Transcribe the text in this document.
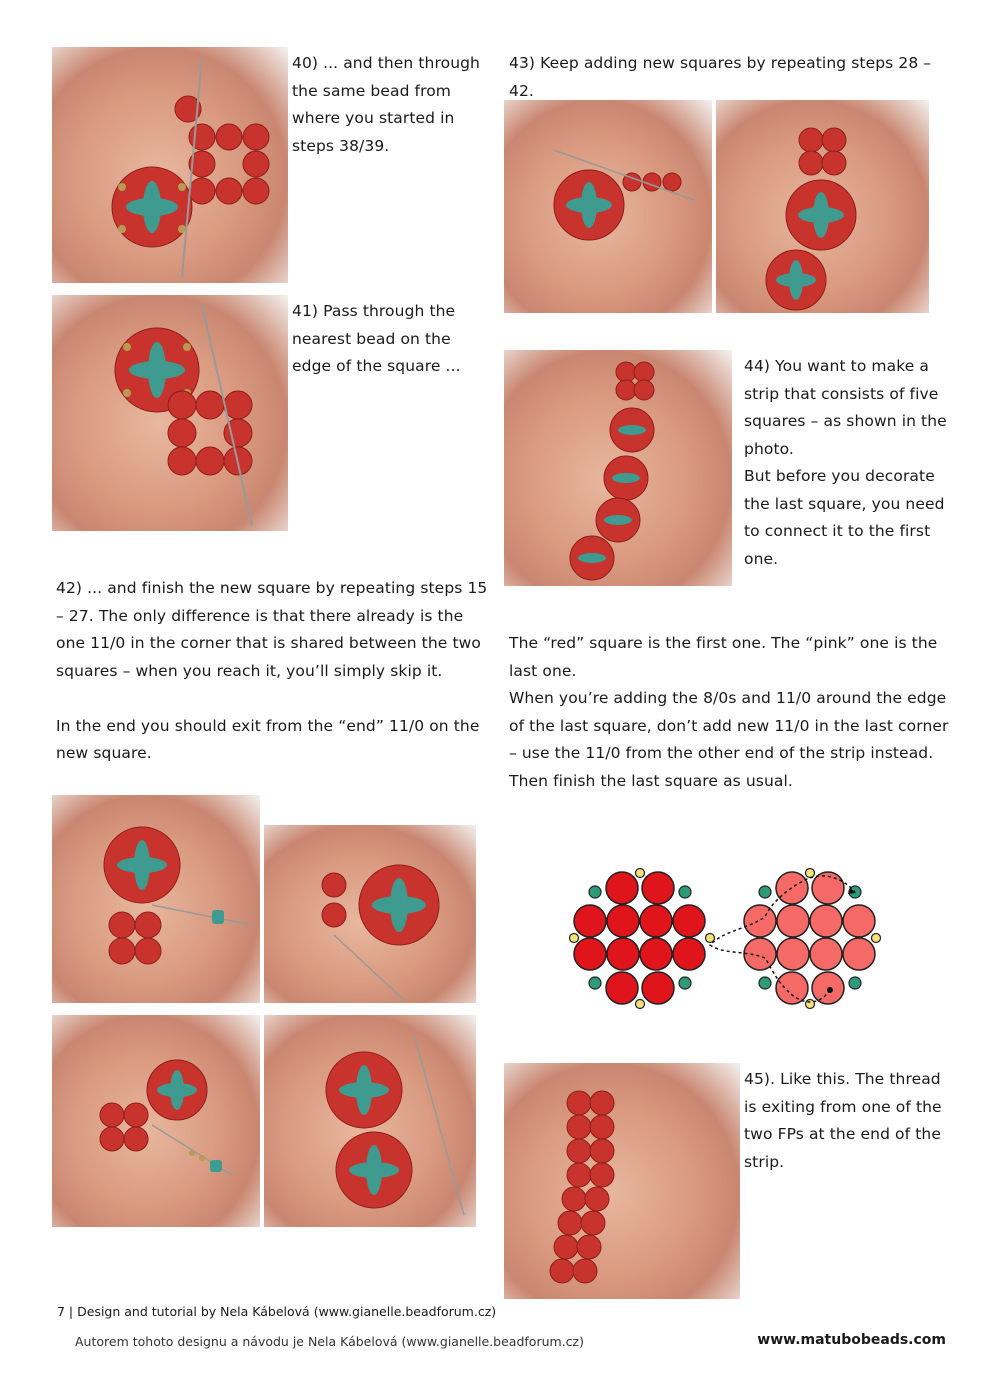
40) ... and then through the same bead from where you started in steps 38/39.
41) Pass through the nearest bead on the edge of the square ...

42) ... and finish the new square by repeating steps 15 – 27. The only difference is that there already is the one 11/0 in the corner that is shared between the two squares – when you reach it, you’ll simply skip it.

In the end you should exit from the “end” 11/0 on the new square.

43) Keep adding new squares by repeating steps 28 – 42.

44) You want to make a strip that consists of five squares – as shown in the photo.

But before you decorate the last square, you need to connect it to the first one.

The “red” square is the first one. The “pink” one is the last one.

When you’re adding the 8/0s and 11/0 around the edge of the last square, don’t add new 11/0 in the last corner – use the 11/0 from the other end of the strip instead. Then finish the last square as usual.

45). Like this. The thread is exiting from one of the two FPs at the end of the strip.
7 | Design and tutorial by Nela Kábelová (www.gianelle.beadforum.cz)
Autorem tohoto designu a návodu je Nela Kábelová (www.gianelle.beadforum.cz)	www.matubobeads.com
